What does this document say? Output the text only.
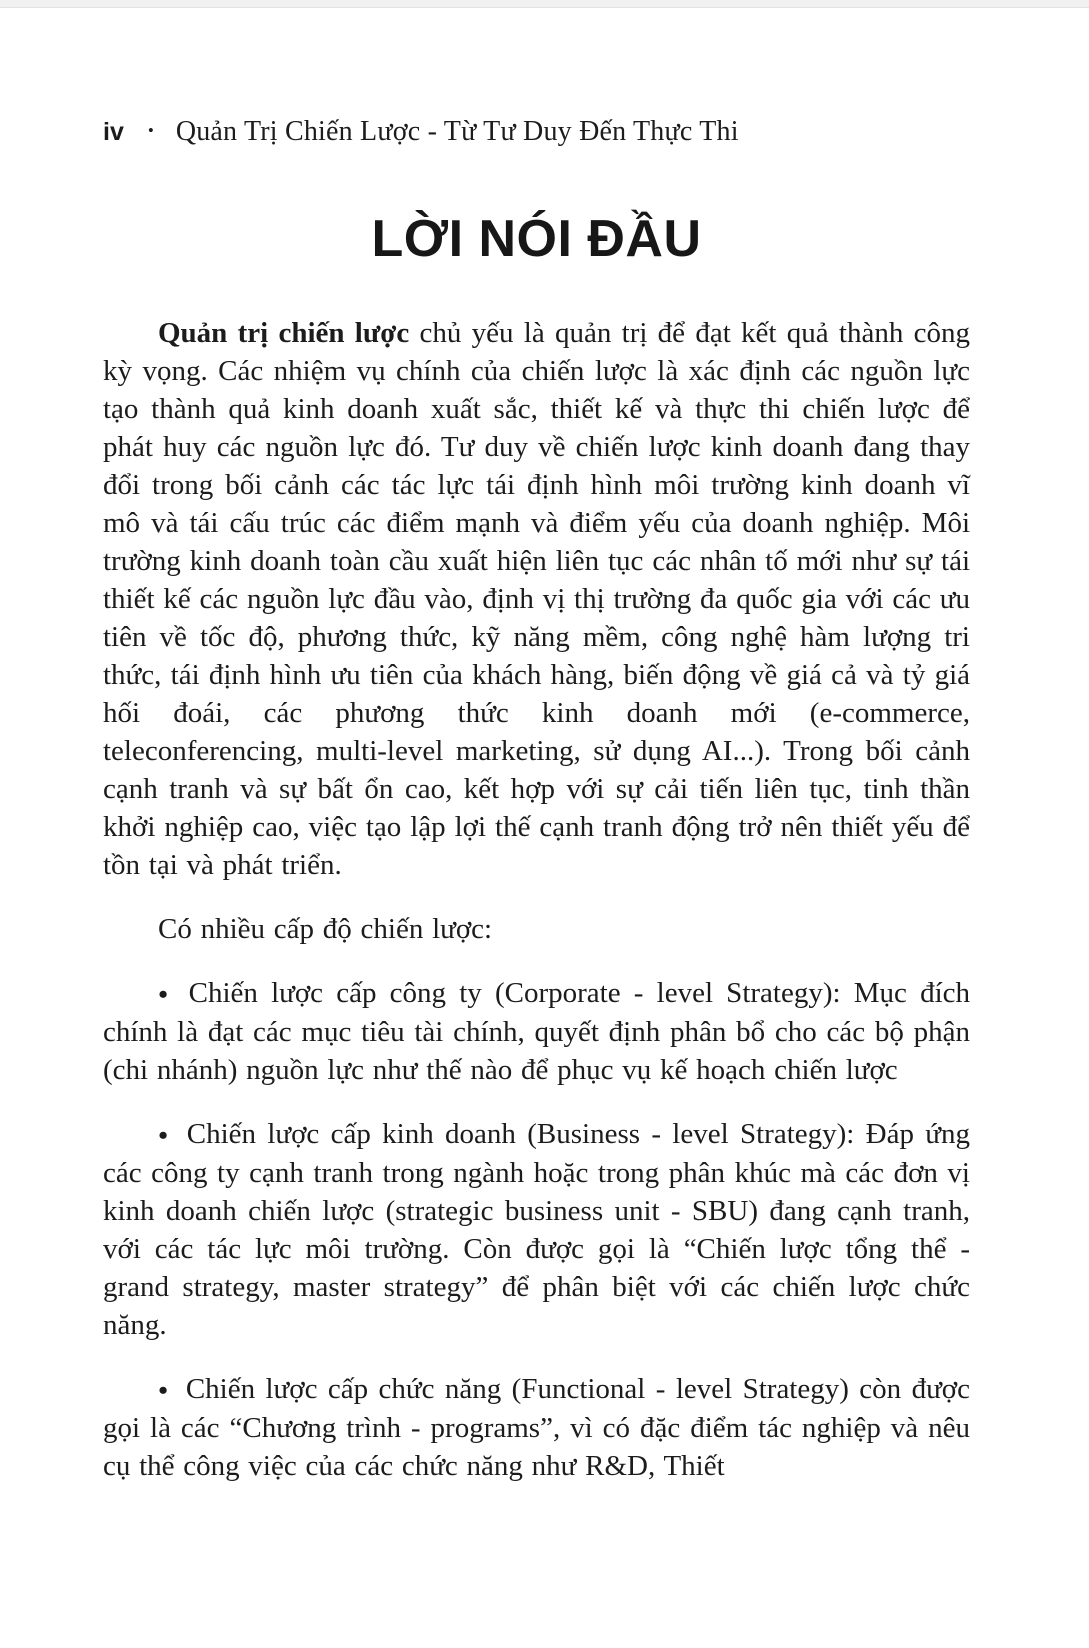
iv • Quản Trị Chiến Lược - Từ Tư Duy Đến Thực Thi
LỜI NÓI ĐẦU

Quản trị chiến lược chủ yếu là quản trị để đạt kết quả thành công kỳ vọng. Các nhiệm vụ chính của chiến lược là xác định các nguồn lực tạo thành quả kinh doanh xuất sắc, thiết kế và thực thi chiến lược để phát huy các nguồn lực đó. Tư duy về chiến lược kinh doanh đang thay đổi trong bối cảnh các tác lực tái định hình môi trường kinh doanh vĩ mô và tái cấu trúc các điểm mạnh và điểm yếu của doanh nghiệp. Môi trường kinh doanh toàn cầu xuất hiện liên tục các nhân tố mới như sự tái thiết kế các nguồn lực đầu vào, định vị thị trường đa quốc gia với các ưu tiên về tốc độ, phương thức, kỹ năng mềm, công nghệ hàm lượng tri thức, tái định hình ưu tiên của khách hàng, biến động về giá cả và tỷ giá hối đoái, các phương thức kinh doanh mới (e-commerce, teleconferencing, multi-level marketing, sử dụng AI...). Trong bối cảnh cạnh tranh và sự bất ổn cao, kết hợp với sự cải tiến liên tục, tinh thần khởi nghiệp cao, việc tạo lập lợi thế cạnh tranh động trở nên thiết yếu để tồn tại và phát triển.

Có nhiều cấp độ chiến lược:

● Chiến lược cấp công ty (Corporate - level Strategy): Mục đích chính là đạt các mục tiêu tài chính, quyết định phân bổ cho các bộ phận (chi nhánh) nguồn lực như thế nào để phục vụ kế hoạch chiến lược

● Chiến lược cấp kinh doanh (Business - level Strategy): Đáp ứng các công ty cạnh tranh trong ngành hoặc trong phân khúc mà các đơn vị kinh doanh chiến lược (strategic business unit - SBU) đang cạnh tranh, với các tác lực môi trường. Còn được gọi là “Chiến lược tổng thể - grand strategy, master strategy” để phân biệt với các chiến lược chức năng.

● Chiến lược cấp chức năng (Functional - level Strategy) còn được gọi là các “Chương trình - programs”, vì có đặc điểm tác nghiệp và nêu cụ thể công việc của các chức năng như R&D, Thiết
